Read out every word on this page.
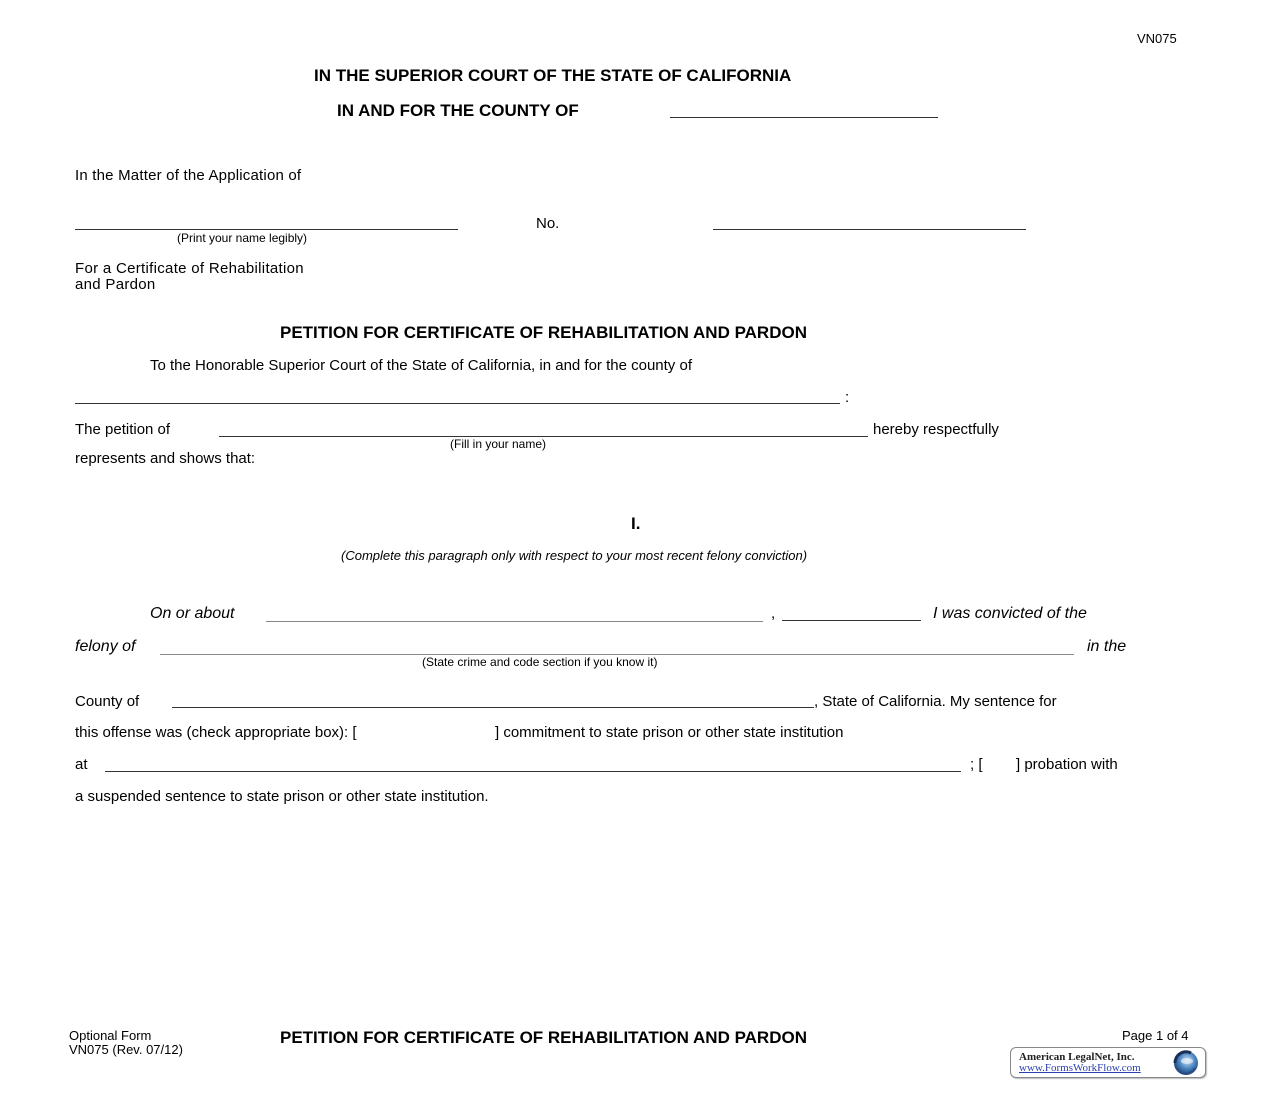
VN075
IN THE SUPERIOR COURT OF THE STATE OF CALIFORNIA
IN AND FOR THE COUNTY OF
In the Matter of the Application of
(Print your name legibly)
No.
For a Certificate of Rehabilitation
and Pardon
PETITION FOR CERTIFICATE OF REHABILITATION AND PARDON
To the Honorable Superior Court of the State of California, in and for the county of
:
The petition of
(Fill in your name)
hereby respectfully
represents and shows that:
I.
(Complete this paragraph only with respect to your most recent felony conviction)
On or about	,	I was convicted of the
felony of	in the
(State crime and code section if you know it)
County of	, State of California. My sentence for
this offense was (check appropriate box): [	] commitment to state prison or other state institution
at	; [ ] probation with
a suspended sentence to state prison or other state institution.
Optional Form
VN075 (Rev. 07/12)
PETITION FOR CERTIFICATE OF REHABILITATION AND PARDON	Page 1 of 4
American LegalNet, Inc.
www.FormsWorkFlow.com
